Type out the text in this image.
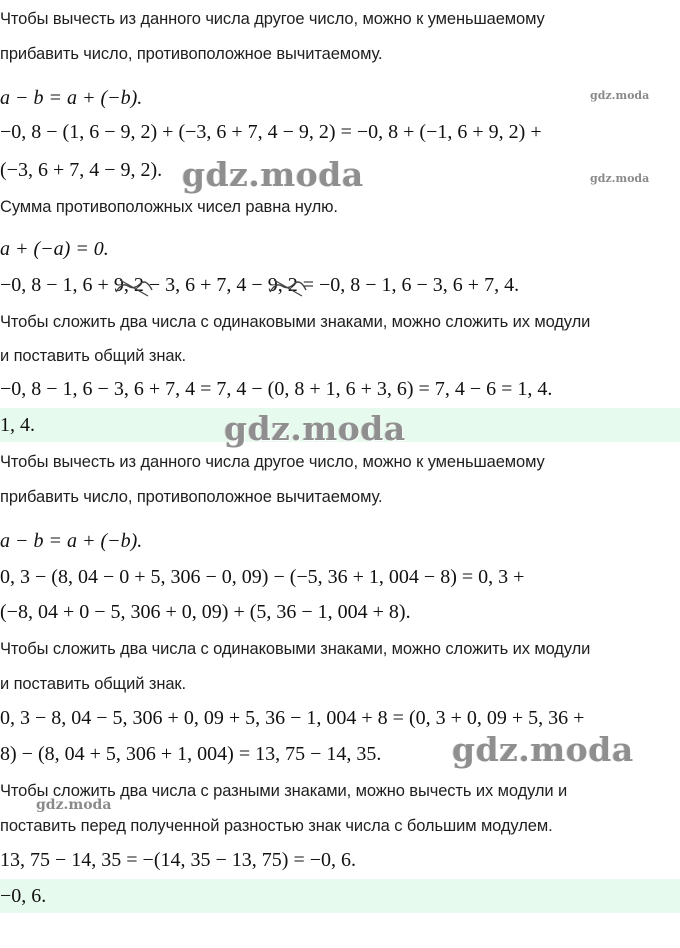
Чтобы вычесть из данного числа другое число, можно к уменьшаемому
прибавить число, противоположное вычитаемому.
a − b = a + (−b).	gdz.moda
−0, 8 − (1, 6 − 9, 2) + (−3, 6 + 7, 4 − 9, 2) = −0, 8 + (−1, 6 + 9, 2) +
(−3, 6 + 7, 4 − 9, 2). gdz.moda	gdz.moda
Сумма противоположных чисел равна нулю.
a + (−a) = 0.
−0, 8 − 1, 6 + 9, 2
− 3, 6 + 7, 4 − 9, 2
= −0, 8 − 1, 6 − 3, 6 + 7, 4.
Чтобы сложить два числа с одинаковыми знаками, можно сложить их модули
и поставить общий знак.
−0, 8 − 1, 6 − 3, 6 + 7, 4 = 7, 4 − (0, 8 + 1, 6 + 3, 6) = 7, 4 − 6 = 1, 4.
1, 4.	gdz.moda
Чтобы вычесть из данного числа другое число, можно к уменьшаемому
прибавить число, противоположное вычитаемому.
a − b = a + (−b).
0, 3 − (8, 04 − 0 + 5, 306 − 0, 09) − (−5, 36 + 1, 004 − 8) = 0, 3 +
(−8, 04 + 0 − 5, 306 + 0, 09) + (5, 36 − 1, 004 + 8).
Чтобы сложить два числа с одинаковыми знаками, можно сложить их модули
и поставить общий знак.
0, 3 − 8, 04 − 5, 306 + 0, 09 + 5, 36 − 1, 004 + 8 = (0, 3 + 0, 09 + 5, 36 +
8) − (8, 04 + 5, 306 + 1, 004) = 13, 75 − 14, 35. gdz.moda
Чтобы сложить два числа с разными знаками, можно вычесть их модули и
gdz.moda
поставить перед полученной разностью знак числа с большим модулем.
13, 75 − 14, 35 = −(14, 35 − 13, 75) = −0, 6.
−0, 6.
